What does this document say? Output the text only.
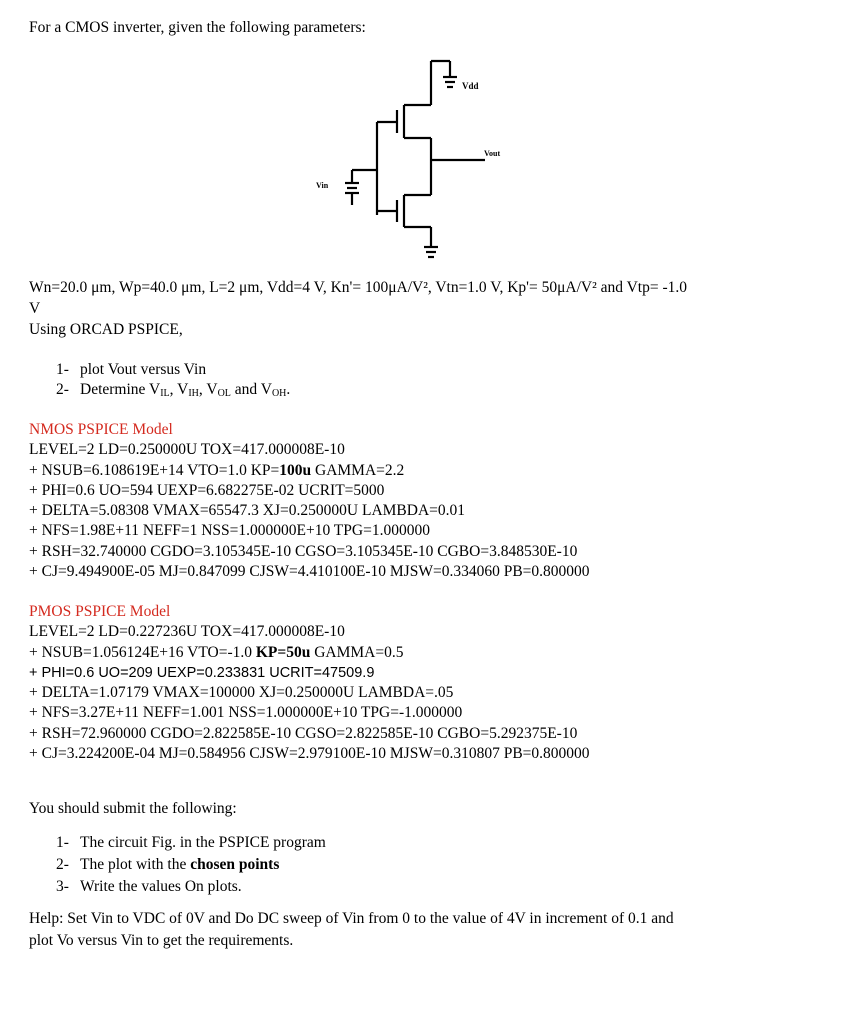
For a CMOS inverter, given the following parameters:
Vdd
Vout
Vin
Wn=20.0 μm, Wp=40.0 μm, L=2 μm, Vdd=4 V, Kn'= 100μA/V², Vtn=1.0 V, Kp'= 50μA/V² and Vtp= -1.0
V
Using ORCAD PSPICE,
1- plot Vout versus Vin
2- Determine $V_{IL}$, $V_{IH}$, $V_{OL}$ and $V_{OH}$.
NMOS PSPICE Model
LEVEL=2 LD=0.250000U TOX=417.000008E-10
+ NSUB=6.108619E+14 VTO=1.0 KP=100u GAMMA=2.2
+ PHI=0.6 UO=594 UEXP=6.682275E-02 UCRIT=5000
+ DELTA=5.08308 VMAX=65547.3 XJ=0.250000U LAMBDA=0.01
+ NFS=1.98E+11 NEFF=1 NSS=1.000000E+10 TPG=1.000000
+ RSH=32.740000 CGDO=3.105345E-10 CGSO=3.105345E-10 CGBO=3.848530E-10
+ CJ=9.494900E-05 MJ=0.847099 CJSW=4.410100E-10 MJSW=0.334060 PB=0.800000
PMOS PSPICE Model
LEVEL=2 LD=0.227236U TOX=417.000008E-10
+ NSUB=1.056124E+16 VTO=-1.0 KP=50u GAMMA=0.5
+ PHI=0.6 UO=209 UEXP=0.233831 UCRIT=47509.9
+ DELTA=1.07179 VMAX=100000 XJ=0.250000U LAMBDA=.05
+ NFS=3.27E+11 NEFF=1.001 NSS=1.000000E+10 TPG=-1.000000
+ RSH=72.960000 CGDO=2.822585E-10 CGSO=2.822585E-10 CGBO=5.292375E-10
+ CJ=3.224200E-04 MJ=0.584956 CJSW=2.979100E-10 MJSW=0.310807 PB=0.800000
You should submit the following:
1- The circuit Fig. in the PSPICE program
2- The plot with the chosen points
3- Write the values On plots.
Help: Set Vin to VDC of 0V and Do DC sweep of Vin from 0 to the value of 4V in increment of 0.1 and
plot Vo versus Vin to get the requirements.
